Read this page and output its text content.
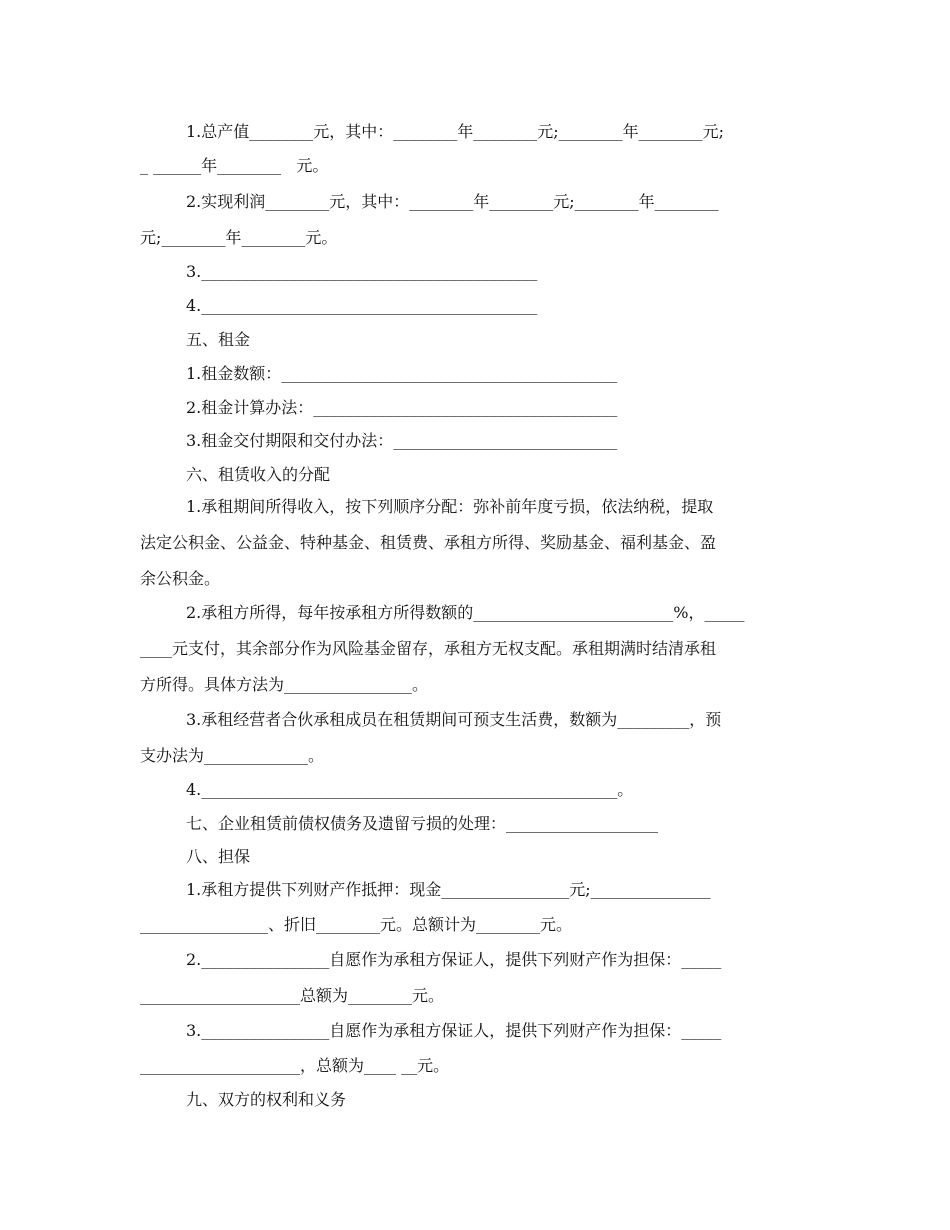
1.总产值________元，其中：________年________元;________年________元;
_ ______年________   元。
2.实现利润________元，其中：________年________元;________年________
元;________年________元。
3.__________________________________________
4.__________________________________________
五、租金
1.租金数额：__________________________________________
2.租金计算办法：______________________________________
3.租金交付期限和交付办法：____________________________
六、租赁收入的分配
1.承租期间所得收入，按下列顺序分配：弥补前年度亏损，依法纳税，提取
法定公积金、公益金、特种基金、租赁费、承租方所得、奖励基金、福利基金、盈
余公积金。
2.承租方所得，每年按承租方所得数额的_________________________%，_____
____元支付，其余部分作为风险基金留存，承租方无权支配。承租期满时结清承租
方所得。具体方法为________________。
3.承租经营者合伙承租成员在租赁期间可预支生活费，数额为_________，预
支办法为_____________。
4.____________________________________________________。
七、企业租赁前债权债务及遗留亏损的处理：___________________
八、担保
1.承租方提供下列财产作抵押：现金________________元;_______________
________________、折旧________元。总额计为________元。
2.________________自愿作为承租方保证人，提供下列财产作为担保：_____
____________________总额为________元。
3.________________自愿作为承租方保证人，提供下列财产作为担保：_____
____________________，总额为____ __元。
九、双方的权利和义务
